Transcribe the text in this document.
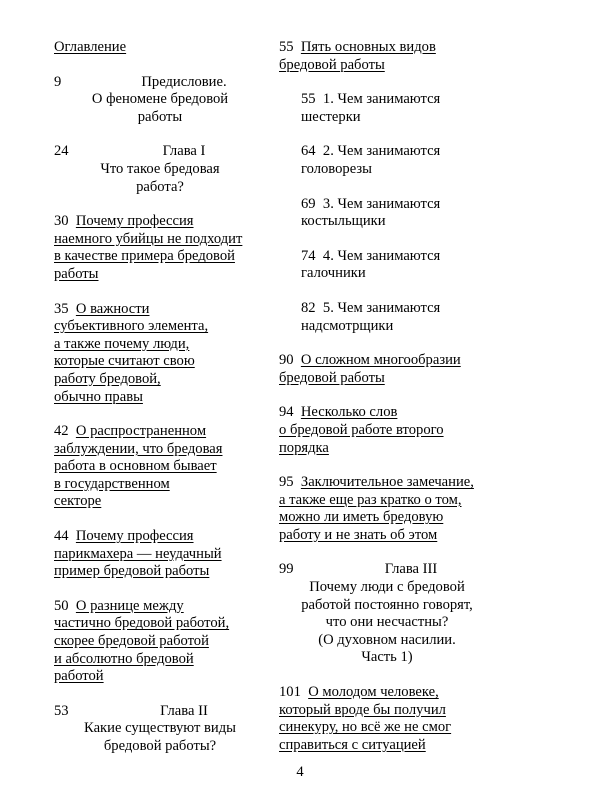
Оглавление
9	Предисловие.
О феномене бредовой
работы
24	Глава I
Что такое бредовая
работа?
30 Почему профессия
наемного убийцы не подходит
в качестве примера бредовой
работы
35 О важности
субъективного элемента,
а также почему люди,
которые считают свою
работу бредовой,
обычно правы
42 О распространенном
заблуждении, что бредовая
работа в основном бывает
в государственном
секторе
44 Почему профессия
парикмахера — неудачный
пример бредовой работы
50 О разнице между
частично бредовой работой,
скорее бредовой работой
и абсолютно бредовой
работой
53	Глава II
Какие существуют виды
бредовой работы?
55 Пять основных видов
бредовой работы
55 1. Чем занимаются
шестерки
64 2. Чем занимаются
головорезы
69 3. Чем занимаются
костыльщики
74 4. Чем занимаются
галочники
82 5. Чем занимаются
надсмотрщики
90 О сложном многообразии
бредовой работы
94 Несколько слов
о бредовой работе второго
порядка
95 Заключительное замечание,
а также еще раз кратко о том,
можно ли иметь бредовую
работу и не знать об этом
99	Глава III
Почему люди с бредовой
работой постоянно говорят,
что они несчастны?
(О духовном насилии.
Часть 1)
101 О молодом человеке,
который вроде бы получил
синекуру, но всё же не смог
справиться с ситуацией
4
